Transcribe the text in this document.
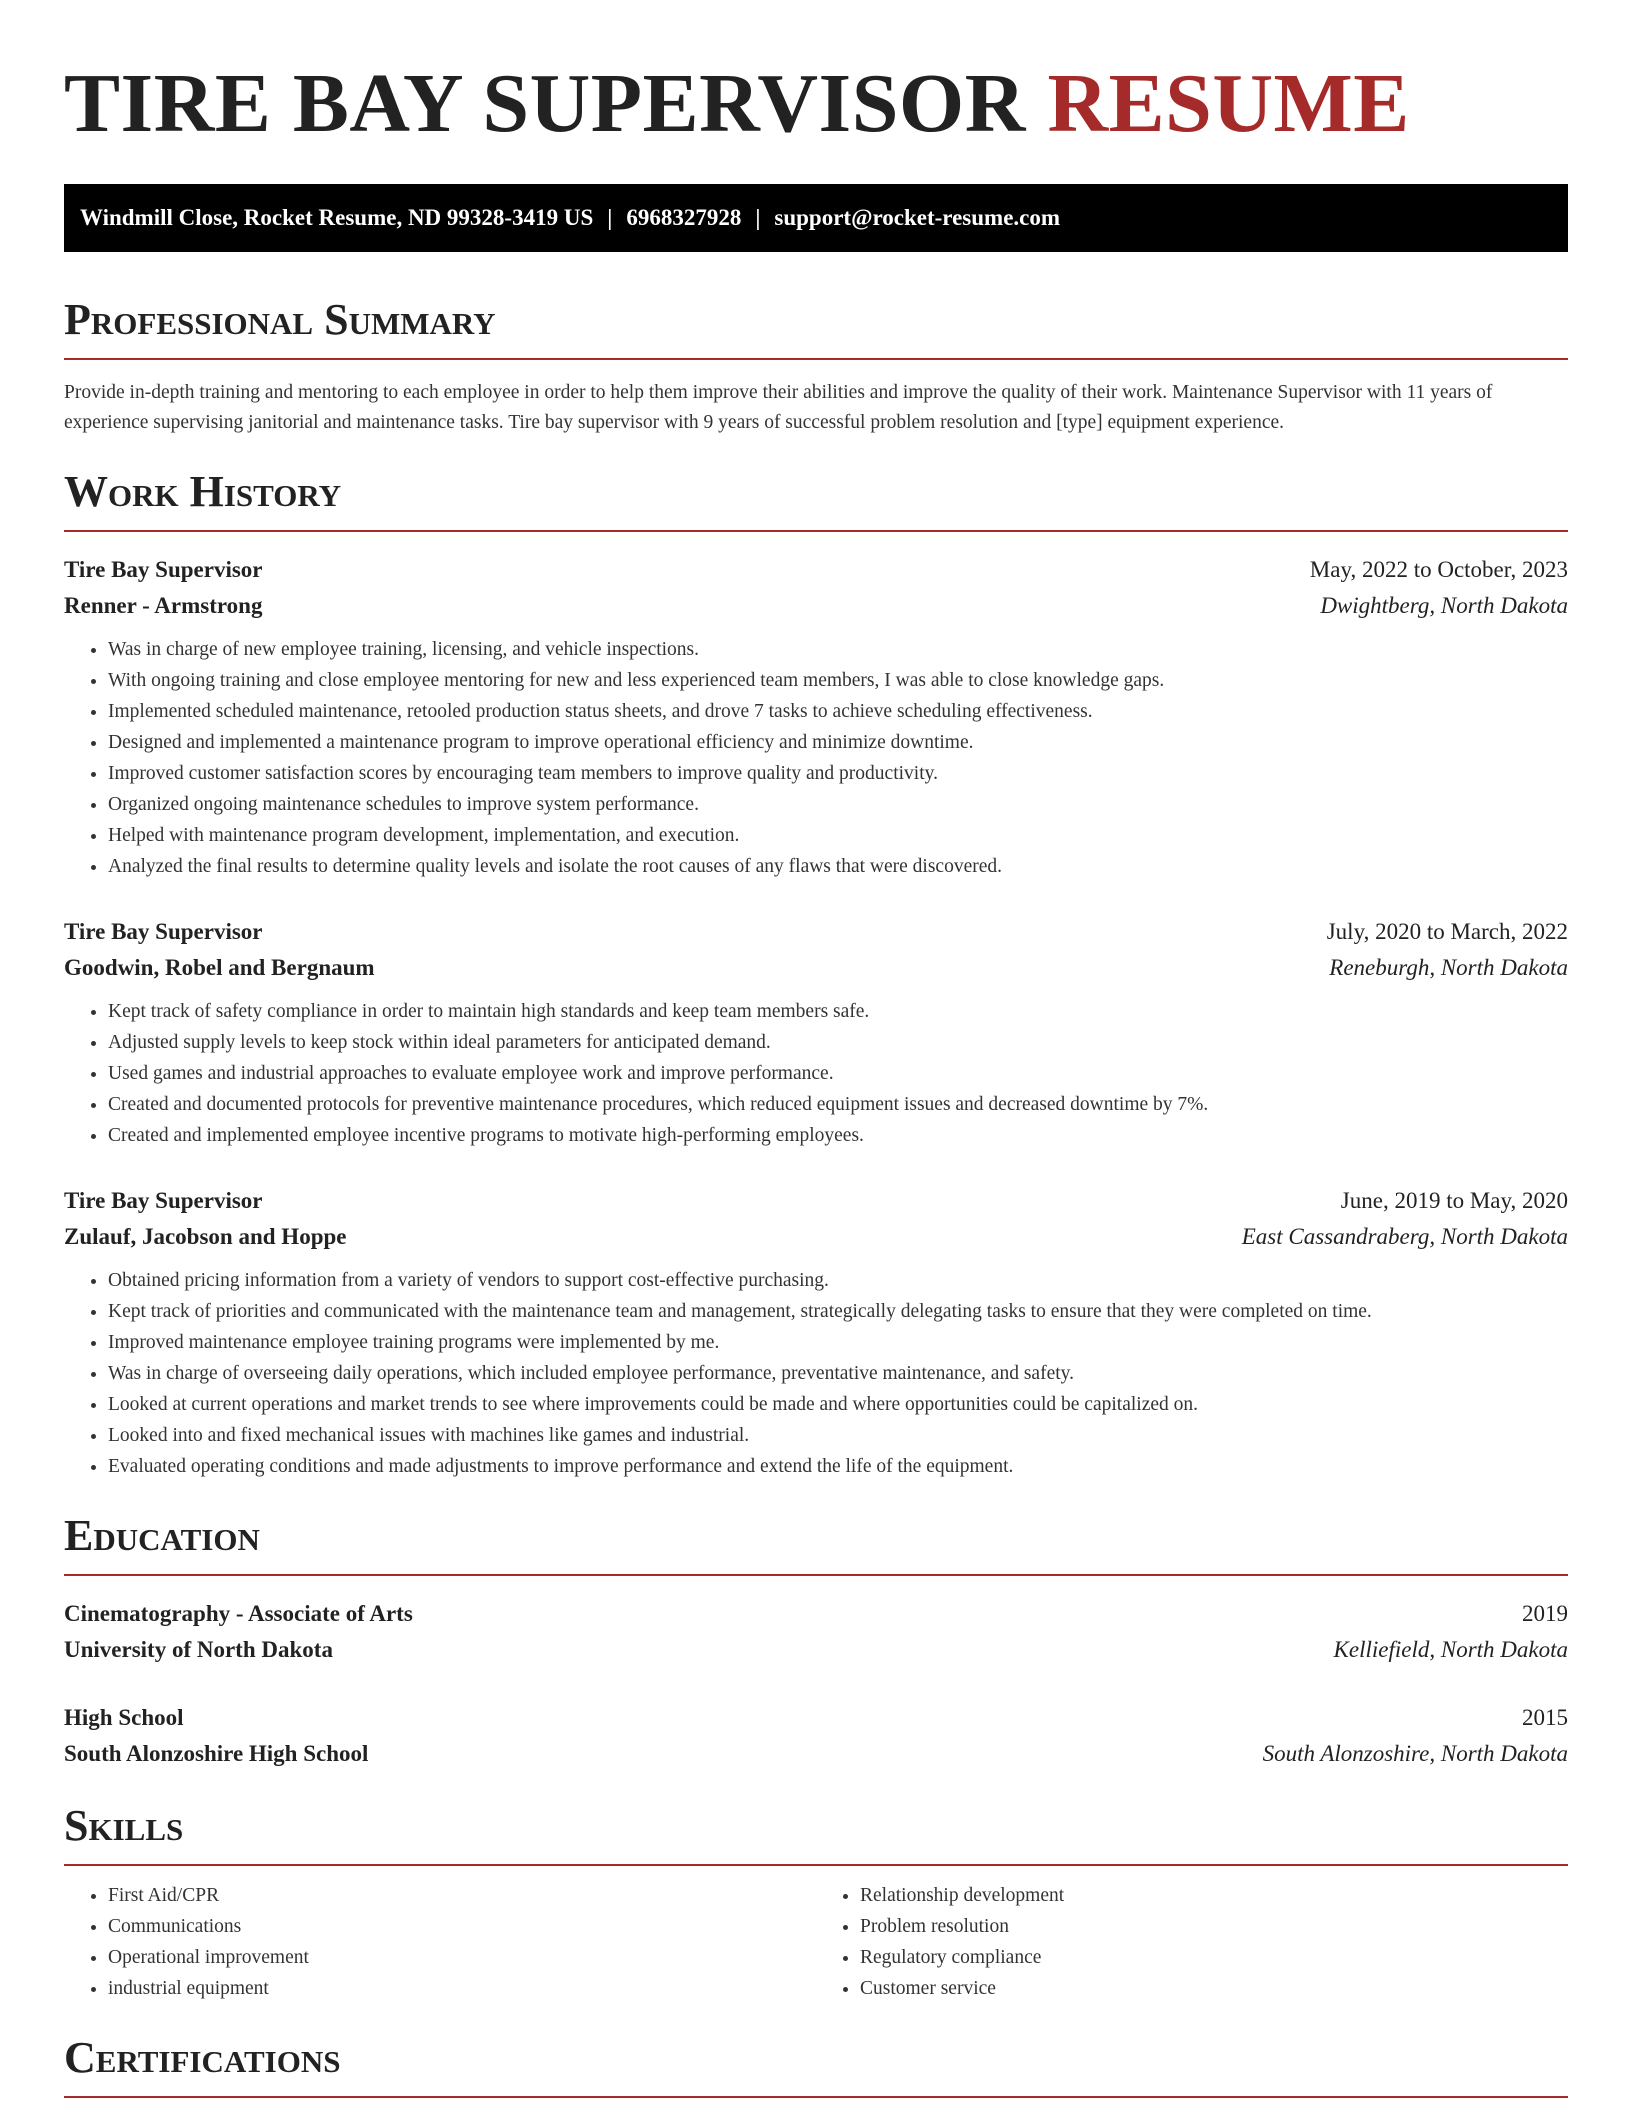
TIRE BAY SUPERVISOR RESUME
Windmill Close, Rocket Resume, ND 99328-3419 US | 6968327928 | support@rocket-resume.com
Professional Summary

Provide in-depth training and mentoring to each employee in order to help them improve their abilities and improve the quality of their work. Maintenance Supervisor with 11 years of experience supervising janitorial and maintenance tasks. Tire bay supervisor with 9 years of successful problem resolution and [type] equipment experience.

Work History
Tire Bay Supervisor	May, 2022 to October, 2023
Renner - Armstrong	Dwightberg, North Dakota
• Was in charge of new employee training, licensing, and vehicle inspections.
• With ongoing training and close employee mentoring for new and less experienced team members, I was able to close knowledge gaps.
• Implemented scheduled maintenance, retooled production status sheets, and drove 7 tasks to achieve scheduling effectiveness.
• Designed and implemented a maintenance program to improve operational efficiency and minimize downtime.
• Improved customer satisfaction scores by encouraging team members to improve quality and productivity.
• Organized ongoing maintenance schedules to improve system performance.
• Helped with maintenance program development, implementation, and execution.
• Analyzed the final results to determine quality levels and isolate the root causes of any flaws that were discovered.
Tire Bay Supervisor	July, 2020 to March, 2022
Goodwin, Robel and Bergnaum	Reneburgh, North Dakota
• Kept track of safety compliance in order to maintain high standards and keep team members safe.
• Adjusted supply levels to keep stock within ideal parameters for anticipated demand.
• Used games and industrial approaches to evaluate employee work and improve performance.
• Created and documented protocols for preventive maintenance procedures, which reduced equipment issues and decreased downtime by 7%.
• Created and implemented employee incentive programs to motivate high-performing employees.
Tire Bay Supervisor	June, 2019 to May, 2020
Zulauf, Jacobson and Hoppe	East Cassandraberg, North Dakota
• Obtained pricing information from a variety of vendors to support cost-effective purchasing.
• Kept track of priorities and communicated with the maintenance team and management, strategically delegating tasks to ensure that they were completed on time.
• Improved maintenance employee training programs were implemented by me.
• Was in charge of overseeing daily operations, which included employee performance, preventative maintenance, and safety.
• Looked at current operations and market trends to see where improvements could be made and where opportunities could be capitalized on.
• Looked into and fixed mechanical issues with machines like games and industrial.
• Evaluated operating conditions and made adjustments to improve performance and extend the life of the equipment.
Education
Cinematography - Associate of Arts	2019
University of North Dakota	Kelliefield, North Dakota
High School	2015
South Alonzoshire High School	South Alonzoshire, North Dakota
Skills
• First Aid/CPR
• Communications
• Operational improvement
• industrial equipment
• Relationship development
• Problem resolution
• Regulatory compliance
• Customer service
Certifications
